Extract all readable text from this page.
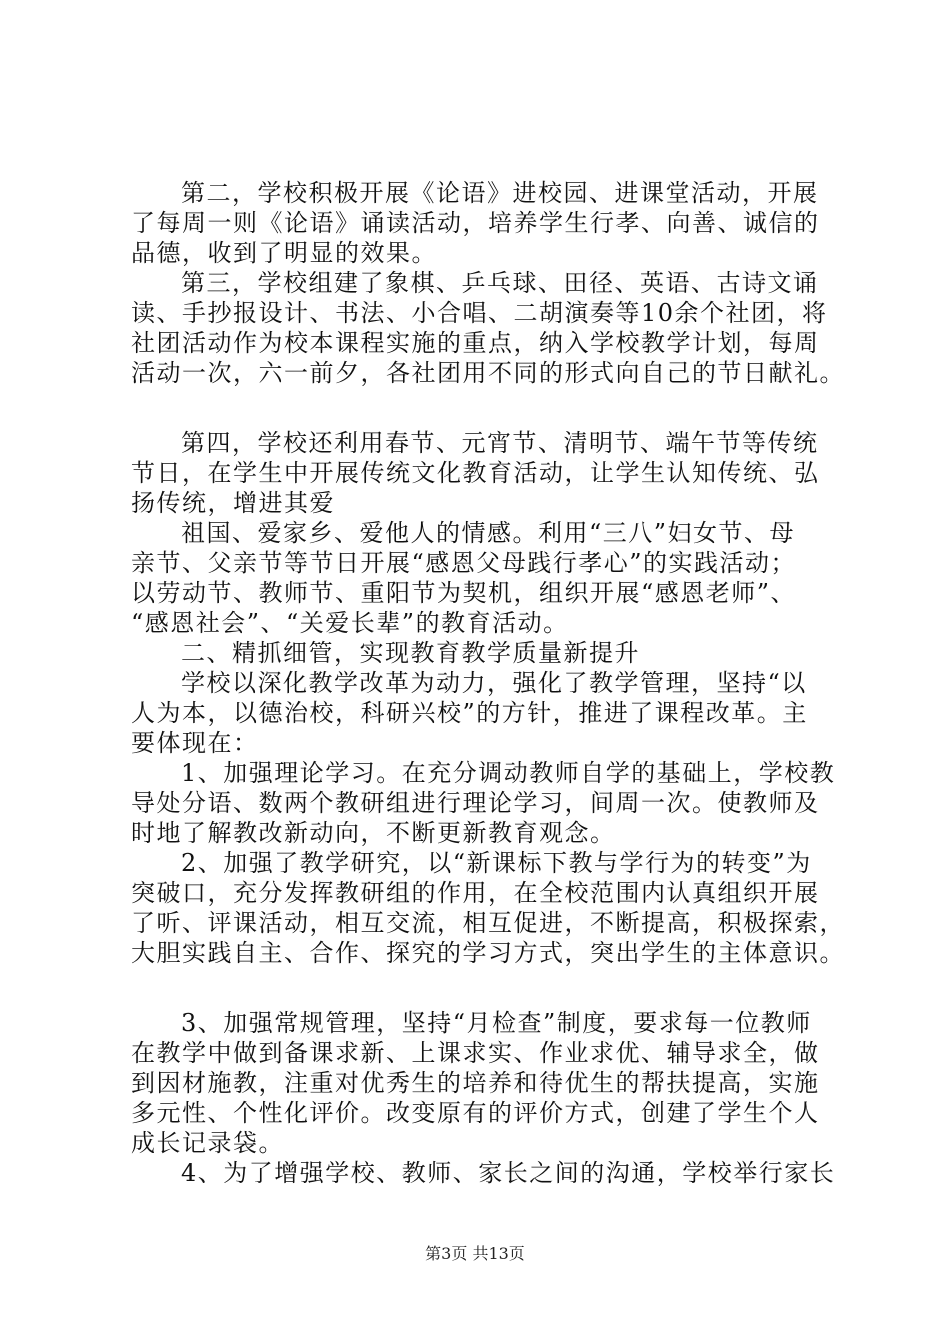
第二，学校积极开展《论语》进校园、进课堂活动，开展
了每周一则《论语》诵读活动，培养学生行孝、向善、诚信的
品德，收到了明显的效果。
第三，学校组建了象棋、乒乓球、田径、英语、古诗文诵
读、手抄报设计、书法、小合唱、二胡演奏等10余个社团，将
社团活动作为校本课程实施的重点，纳入学校教学计划，每周
活动一次，六一前夕，各社团用不同的形式向自己的节日献礼。
第四，学校还利用春节、元宵节、清明节、端午节等传统
节日，在学生中开展传统文化教育活动，让学生认知传统、弘
扬传统，增进其爱
祖国、爱家乡、爱他人的情感。利用“三八”妇女节、母
亲节、父亲节等节日开展“感恩父母践行孝心”的实践活动；
以劳动节、教师节、重阳节为契机，组织开展“感恩老师”、
“感恩社会”、“关爱长辈”的教育活动。
二、精抓细管，实现教育教学质量新提升
学校以深化教学改革为动力，强化了教学管理，坚持“以
人为本，以德治校，科研兴校”的方针，推进了课程改革。主
要体现在：
1、加强理论学习。在充分调动教师自学的基础上，学校教
导处分语、数两个教研组进行理论学习，间周一次。使教师及
时地了解教改新动向，不断更新教育观念。
2、加强了教学研究，以“新课标下教与学行为的转变”为
突破口，充分发挥教研组的作用，在全校范围内认真组织开展
了听、评课活动，相互交流，相互促进，不断提高，积极探索，
大胆实践自主、合作、探究的学习方式，突出学生的主体意识。
3、加强常规管理，坚持“月检查”制度，要求每一位教师
在教学中做到备课求新、上课求实、作业求优、辅导求全，做
到因材施教，注重对优秀生的培养和待优生的帮扶提高，实施
多元性、个性化评价。改变原有的评价方式，创建了学生个人
成长记录袋。
4、为了增强学校、教师、家长之间的沟通，学校举行家长
第3页 共13页
